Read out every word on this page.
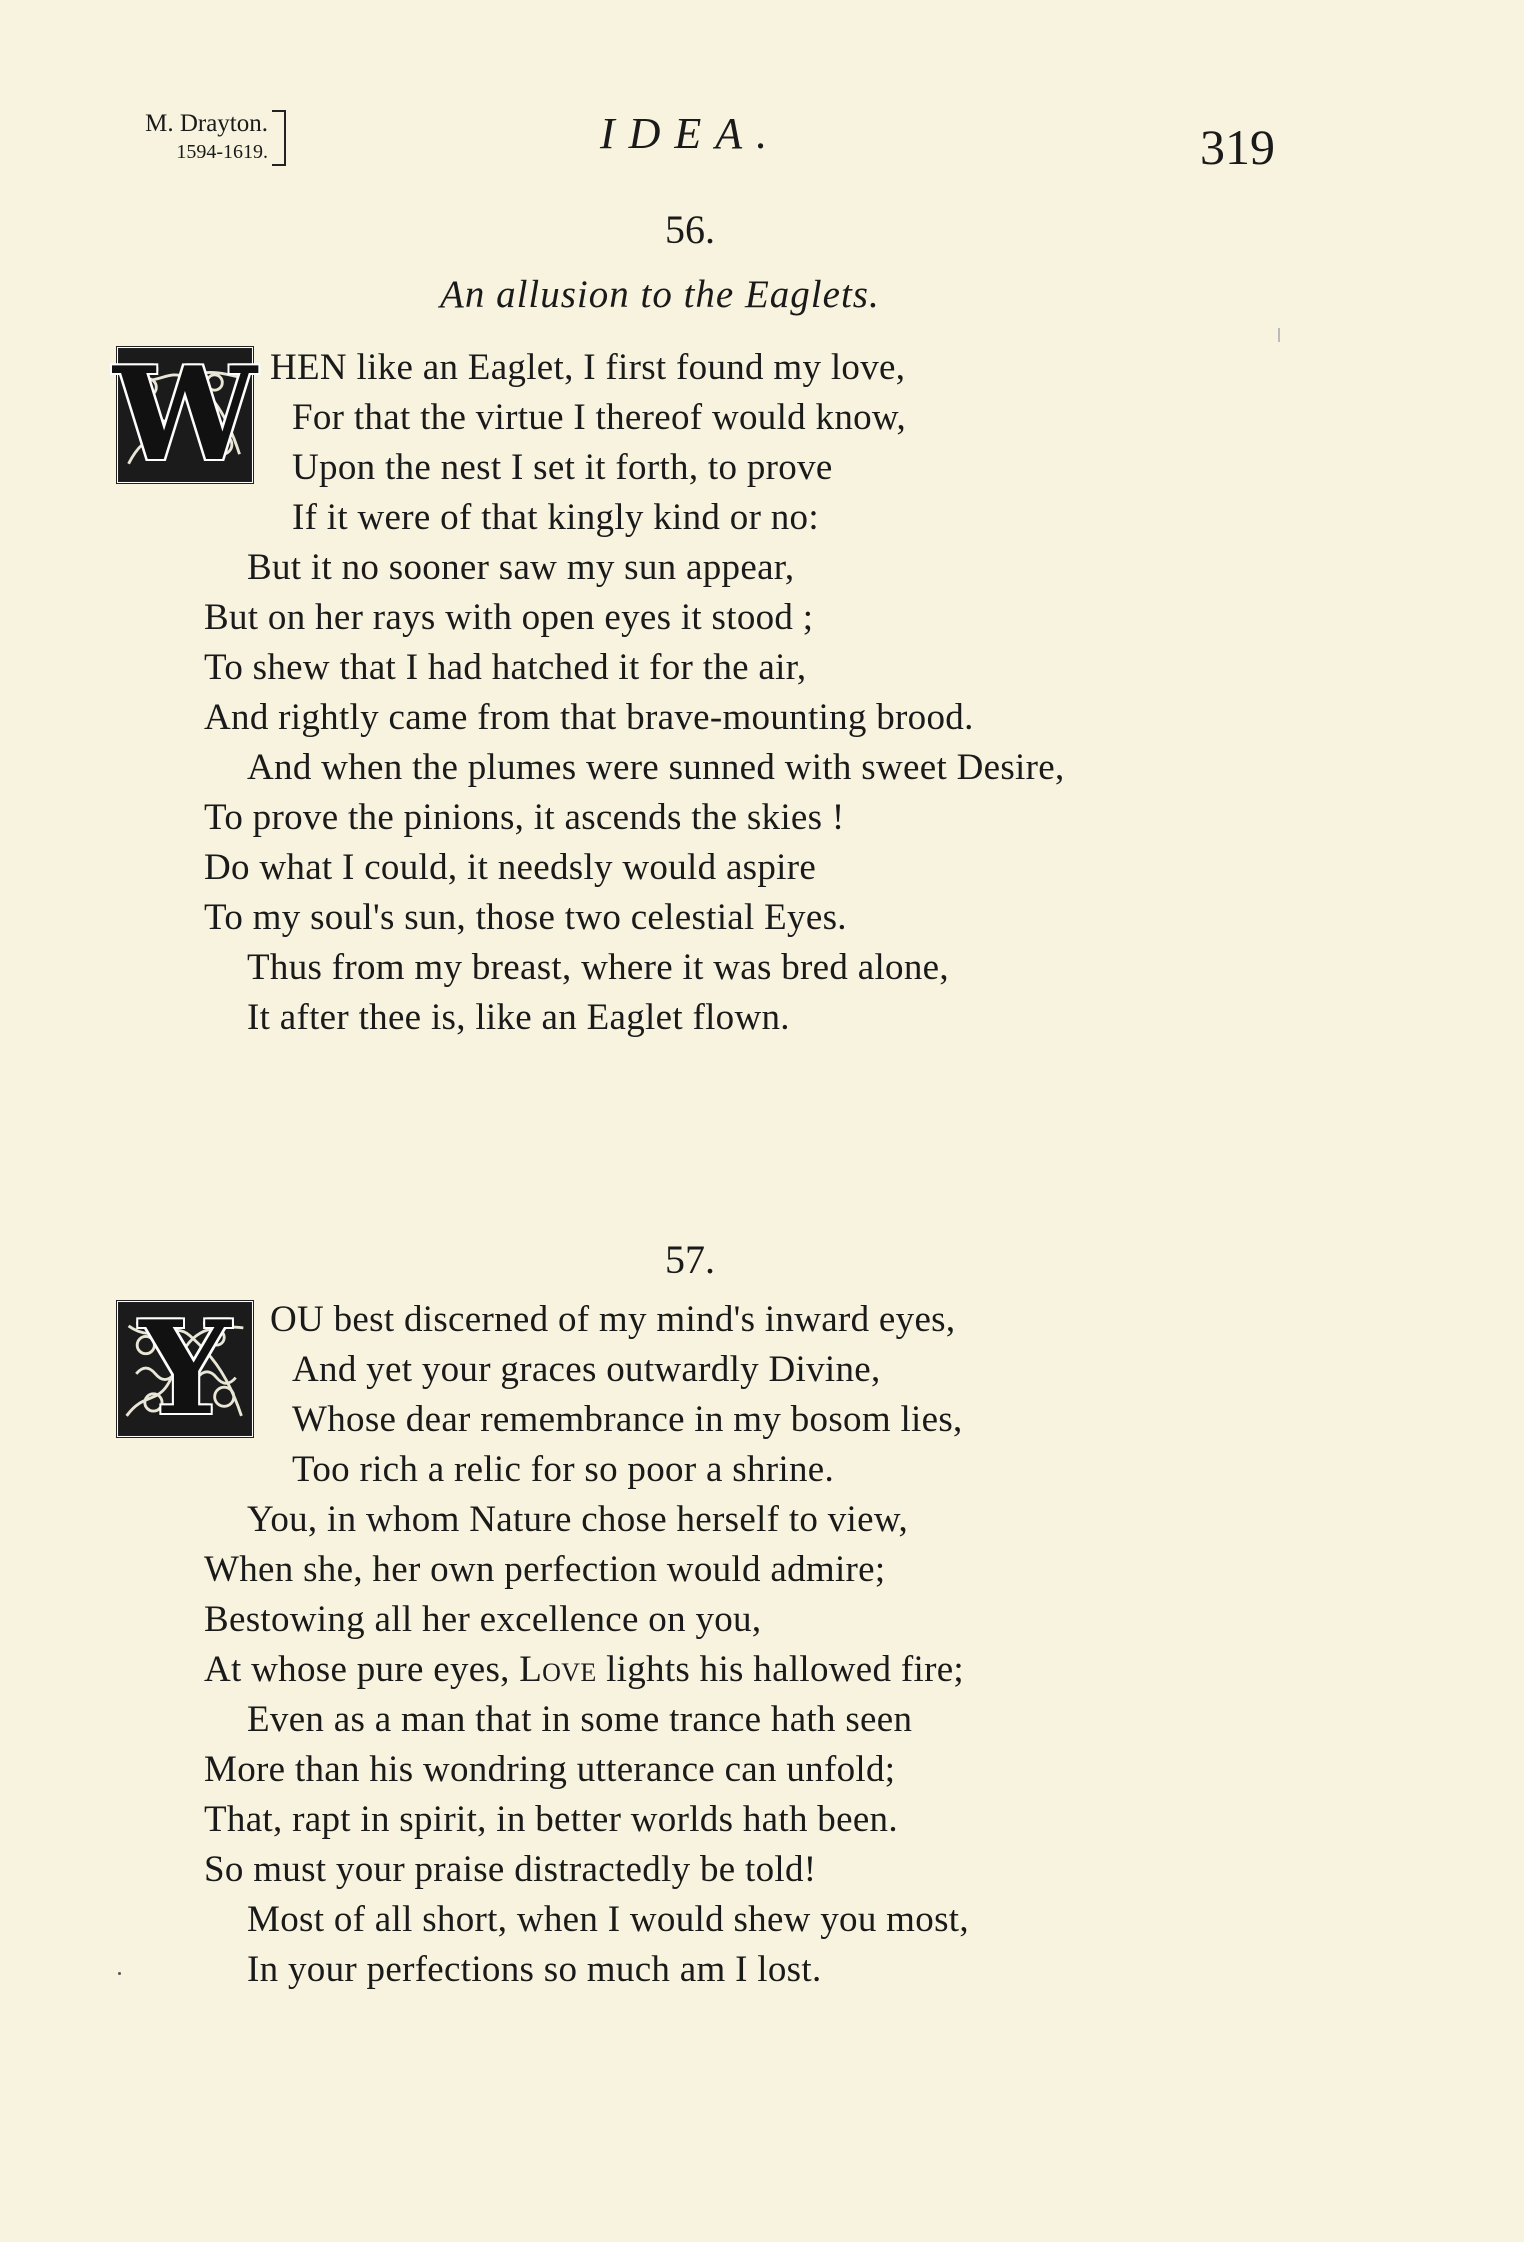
M. Drayton.
1594-1619.	IDEA.	319
56.
An allusion to the Eaglets.
W HEN like an Eaglet, I first found my love,
For that the virtue I thereof would know,
Upon the nest I set it forth, to prove
If it were of that kingly kind or no:
But it no sooner saw my sun appear,
But on her rays with open eyes it stood ;
To shew that I had hatched it for the air,
And rightly came from that brave-mounting brood.
And when the plumes were sunned with sweet Desire,
To prove the pinions, it ascends the skies !
Do what I could, it needsly would aspire
To my soul's sun, those two celestial Eyes.
Thus from my breast, where it was bred alone,
It after thee is, like an Eaglet flown.
57.
Y	OU best discerned of my mind's inward eyes,
And yet your graces outwardly Divine,
Whose dear remembrance in my bosom lies,
Too rich a relic for so poor a shrine.
You, in whom Nature chose herself to view,
When she, her own perfection would admire;
Bestowing all her excellence on you,
At whose pure eyes, Love lights his hallowed fire;
Even as a man that in some trance hath seen
More than his wondring utterance can unfold;
That, rapt in spirit, in better worlds hath been.
So must your praise distractedly be told!
Most of all short, when I would shew you most,
In your perfections so much am I lost.
